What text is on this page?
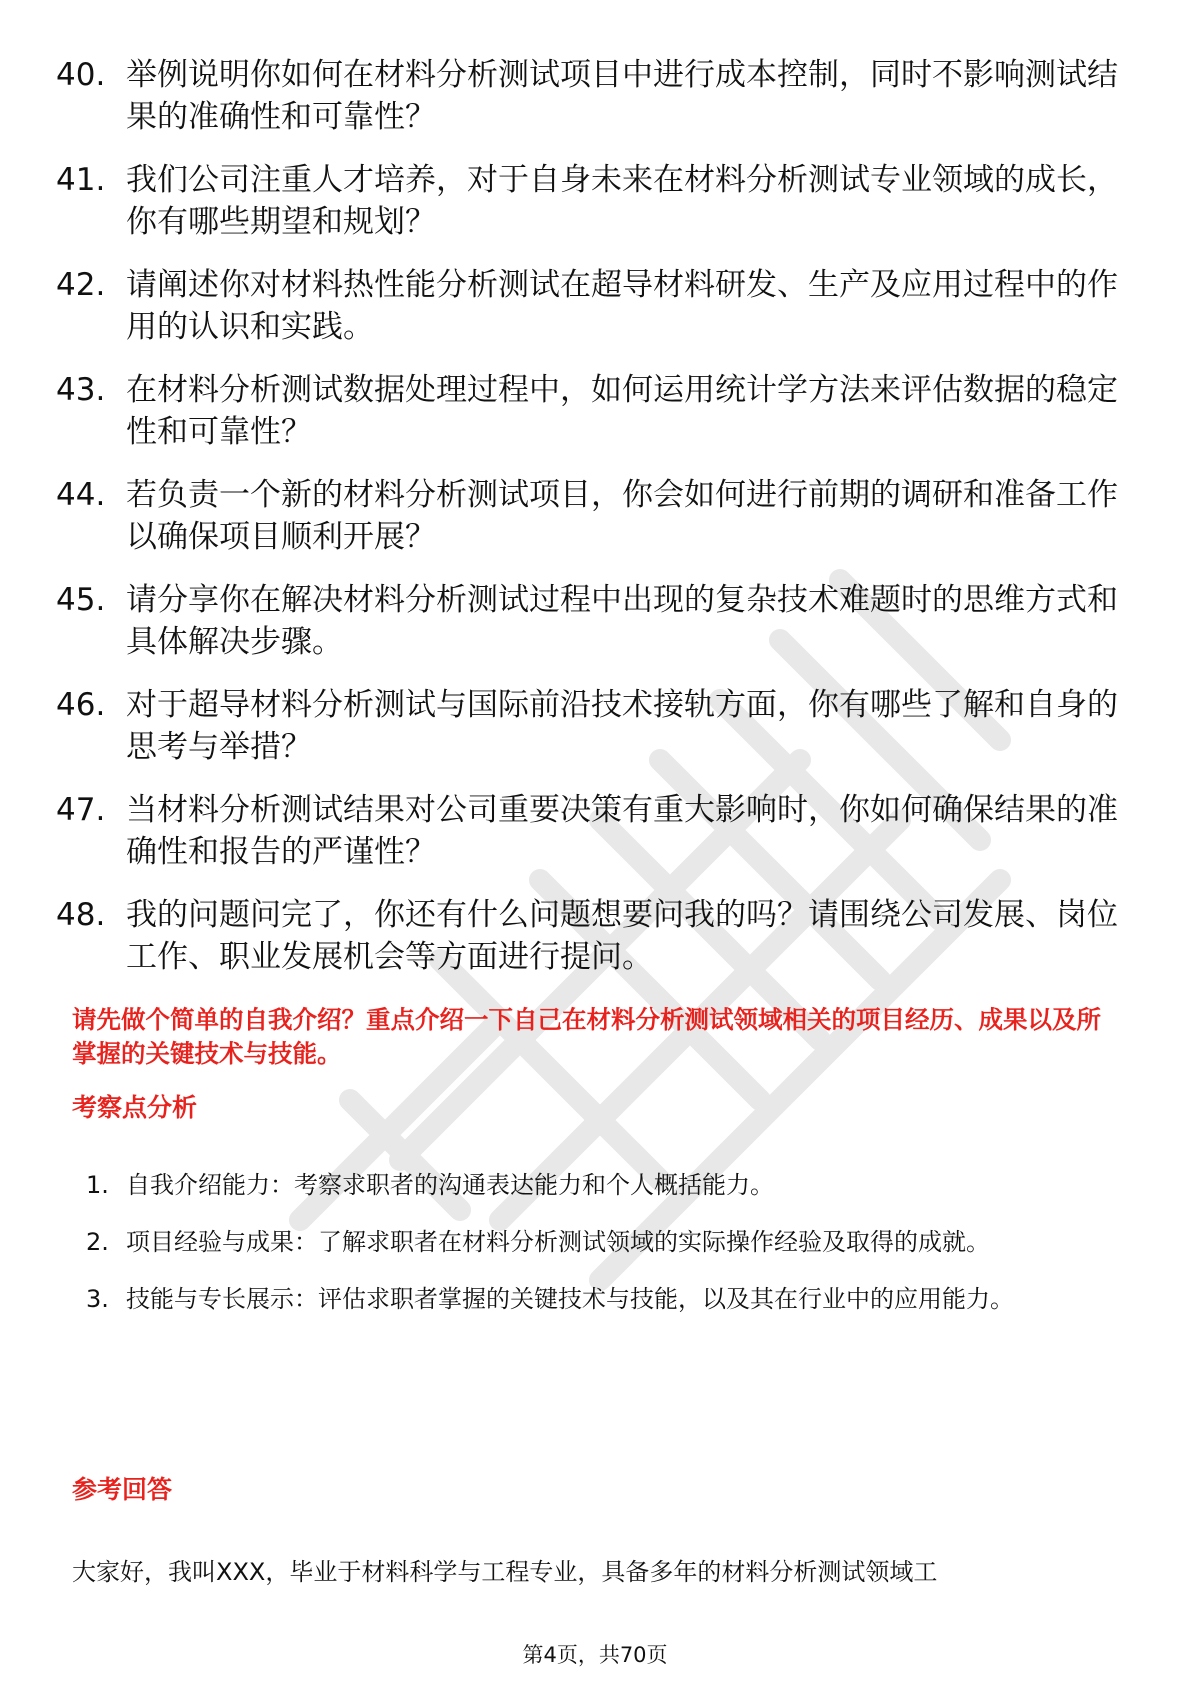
40. 举例说明你如何在材料分析测试项目中进行成本控制，同时不影响测试结果的准确性和可靠性？
41. 我们公司注重人才培养，对于自身未来在材料分析测试专业领域的成长，你有哪些期望和规划？
42. 请阐述你对材料热性能分析测试在超导材料研发、生产及应用过程中的作用的认识和实践。
43. 在材料分析测试数据处理过程中，如何运用统计学方法来评估数据的稳定性和可靠性？
44. 若负责一个新的材料分析测试项目，你会如何进行前期的调研和准备工作以确保项目顺利开展？
45. 请分享你在解决材料分析测试过程中出现的复杂技术难题时的思维方式和具体解决步骤。
46. 对于超导材料分析测试与国际前沿技术接轨方面，你有哪些了解和自身的思考与举措？
47. 当材料分析测试结果对公司重要决策有重大影响时，你如何确保结果的准确性和报告的严谨性？
48. 我的问题问完了，你还有什么问题想要问我的吗？请围绕公司发展、岗位工作、职业发展机会等方面进行提问。
请先做个简单的自我介绍？重点介绍一下自己在材料分析测试领域相关的项目经历、成果以及所掌握的关键技术与技能。
考察点分析
1. 自我介绍能力：考察求职者的沟通表达能力和个人概括能力。
2. 项目经验与成果：了解求职者在材料分析测试领域的实际操作经验及取得的成就。
3. 技能与专长展示：评估求职者掌握的关键技术与技能，以及其在行业中的应用能力。
参考回答
大家好，我叫XXX，毕业于材料科学与工程专业，具备多年的材料分析测试领域工
第4页，共70页
